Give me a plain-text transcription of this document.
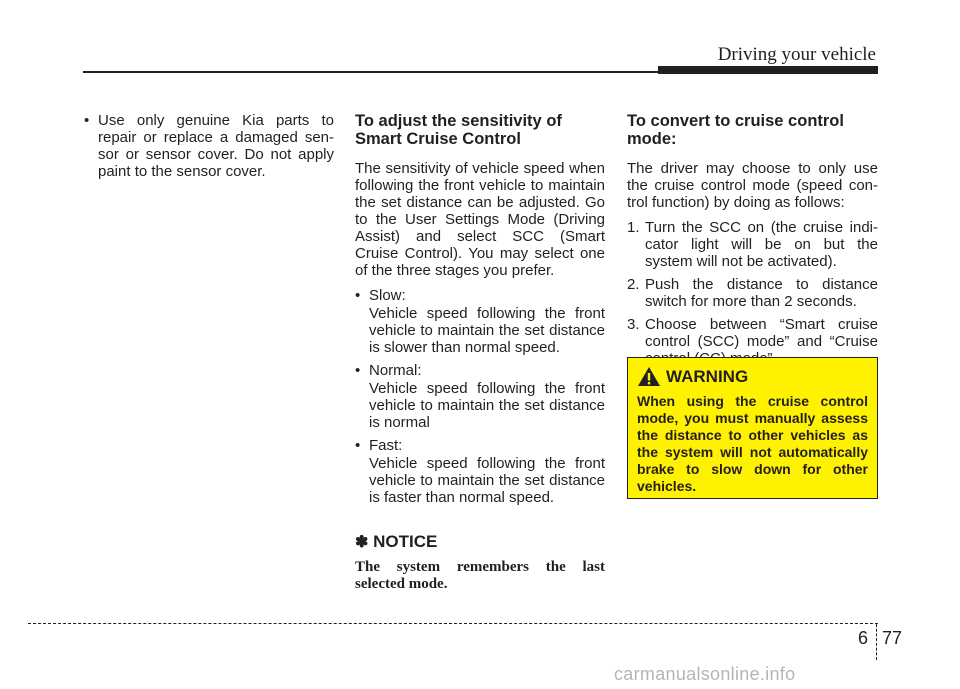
Driving your vehicle
• Use only genuine Kia parts to repair or replace a damaged sen-sor or sensor cover. Do not apply paint to the sensor cover.
To adjust the sensitivity of Smart Cruise Control

The sensitivity of vehicle speed when following the front vehicle to maintain the set distance can be adjusted. Go to the User Settings Mode (Driving Assist) and select SCC (Smart Cruise Control). You may select one of the three stages you prefer.

• Slow:
Vehicle speed following the front vehicle to maintain the set distance is slower than normal speed.
• Normal:
Vehicle speed following the front vehicle to maintain the set distance is normal
• Fast:
Vehicle speed following the front vehicle to maintain the set distance is faster than normal speed.
✽ NOTICE

The system remembers the last selected mode.

To convert to cruise control mode:

The driver may choose to only use the cruise control mode (speed con-trol function) by doing as follows:

1. Turn the SCC on (the cruise indi-cator light will be on but the system will not be activated).
2. Push the distance to distance switch for more than 2 seconds.
3. Choose between “Smart cruise control (SCC) mode” and “Cruise
WARNING

When using the cruise control mode, you must manually assess the distance to other vehicles as the system will not automatically brake to slow down for other vehicles.

6 77
carmanualsonline.info
